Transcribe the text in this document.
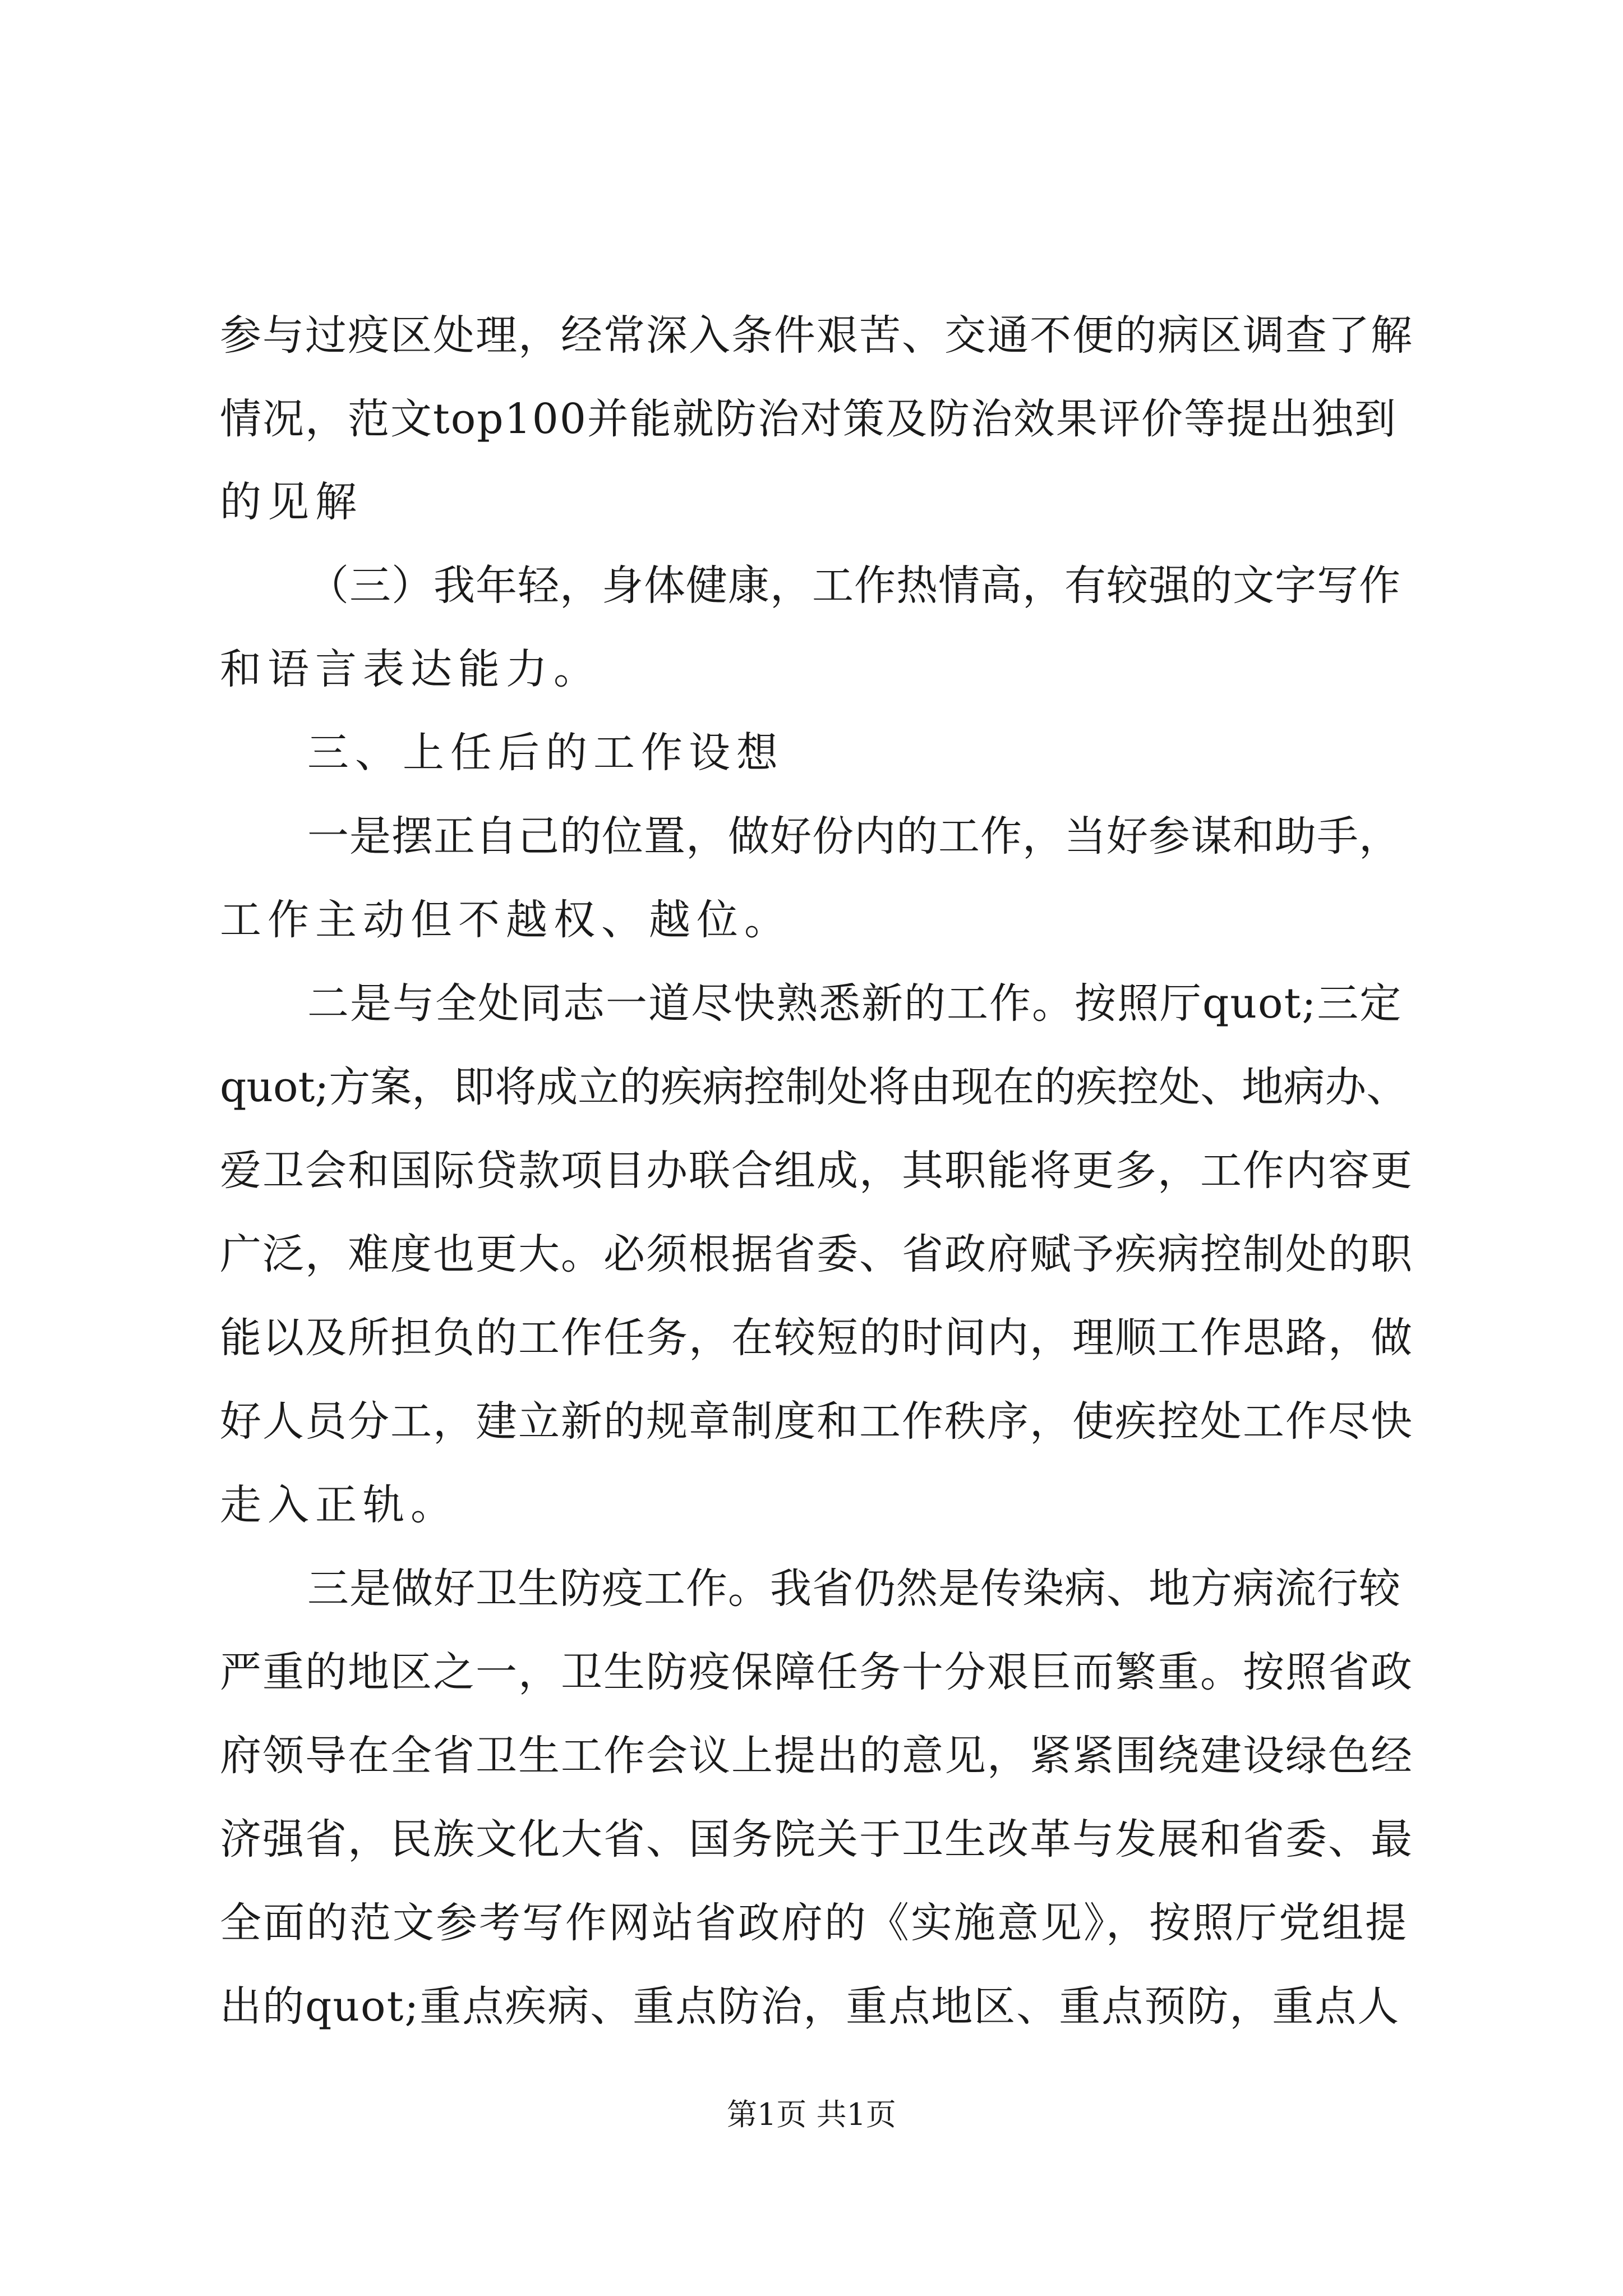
参与过疫区处理，经常深入条件艰苦、交通不便的病区调查了解
情况，范文top100并能就防治对策及防治效果评价等提出独到
的见解
（三）我年轻，身体健康，工作热情高，有较强的文字写作
和语言表达能力。
三、上任后的工作设想
一是摆正自己的位置，做好份内的工作，当好参谋和助手，
工作主动但不越权、越位。
二是与全处同志一道尽快熟悉新的工作。按照厅quot;三定
quot;方案，即将成立的疾病控制处将由现在的疾控处、地病办、
爱卫会和国际贷款项目办联合组成，其职能将更多，工作内容更
广泛，难度也更大。必须根据省委、省政府赋予疾病控制处的职
能以及所担负的工作任务，在较短的时间内，理顺工作思路，做
好人员分工，建立新的规章制度和工作秩序，使疾控处工作尽快
走入正轨。
三是做好卫生防疫工作。我省仍然是传染病、地方病流行较
严重的地区之一，卫生防疫保障任务十分艰巨而繁重。按照省政
府领导在全省卫生工作会议上提出的意见，紧紧围绕建设绿色经
济强省，民族文化大省、国务院关于卫生改革与发展和省委、最
全面的范文参考写作网站省政府的《实施意见》，按照厅党组提
出的quot;重点疾病、重点防治，重点地区、重点预防，重点人
第1页 共1页
